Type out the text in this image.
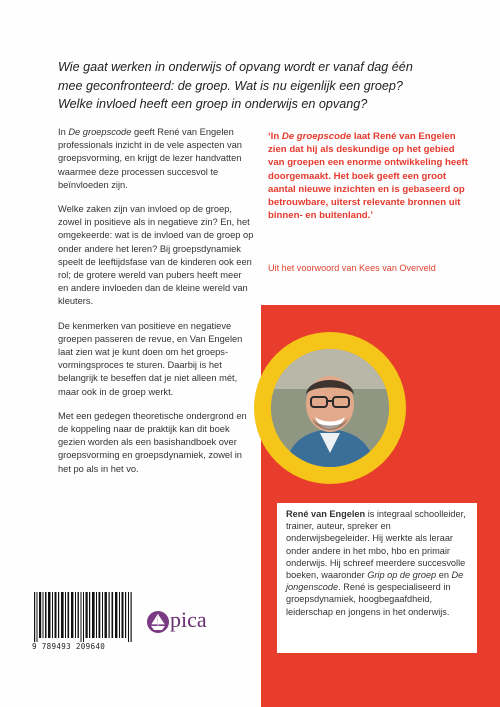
Wie gaat werken in onderwijs of opvang wordt er vanaf dag één
mee geconfronteerd: de groep. Wat is nu eigenlijk een groep?
Welke invloed heeft een groep in onderwijs en opvang?

In De groepscode geeft René van Engelen professionals inzicht in de vele aspecten van groepsvorming, en krijgt de lezer handvatten waarmee deze processen succesvol te beïnvloeden zijn.

Welke zaken zijn van invloed op de groep, zowel in positieve als in negatieve zin? En, het omgekeerde: wat is de invloed van de groep op onder andere het leren? Bij groepsdynamiek speelt de leeftijdsfase van de kinderen ook een rol; de grotere wereld van pubers heeft meer en andere invloeden dan de kleine wereld van kleuters.

De kenmerken van positieve en negatieve groepen passeren de revue, en Van Engelen laat zien wat je kunt doen om het groepsvormingsproces te sturen. Daarbij is het belangrijk te beseffen dat je niet alleen mét, maar ook in de groep werkt.

Met een gedegen theoretische ondergrond en de koppeling naar de praktijk kan dit boek gezien worden als een basishandboek over groepsvorming en groepsdynamiek, zowel in het po als in het vo.

‘In De groepscode laat René van Engelen zien dat hij als deskundige op het gebied van groepen een enorme ontwikkeling heeft doorgemaakt. Het boek geeft een groot aantal nieuwe inzichten en is gebaseerd op betrouwbare, uiterst relevante bronnen uit binnen- en buitenland.’

Uit het voorwoord van Kees van Overveld
René van Engelen is integraal schoolleider, trainer, auteur, spreker en onderwijsbegeleider. Hij werkte als leraar onder andere in het mbo, hbo en primair onderwijs. Hij schreef meerdere succesvolle boeken, waaronder Grip op de groep en De jongenscode. René is gespecialiseerd in groepsdynamiek, hoogbegaafdheid, leiderschap en jongens in het onderwijs.
9 789493 209640
pica
